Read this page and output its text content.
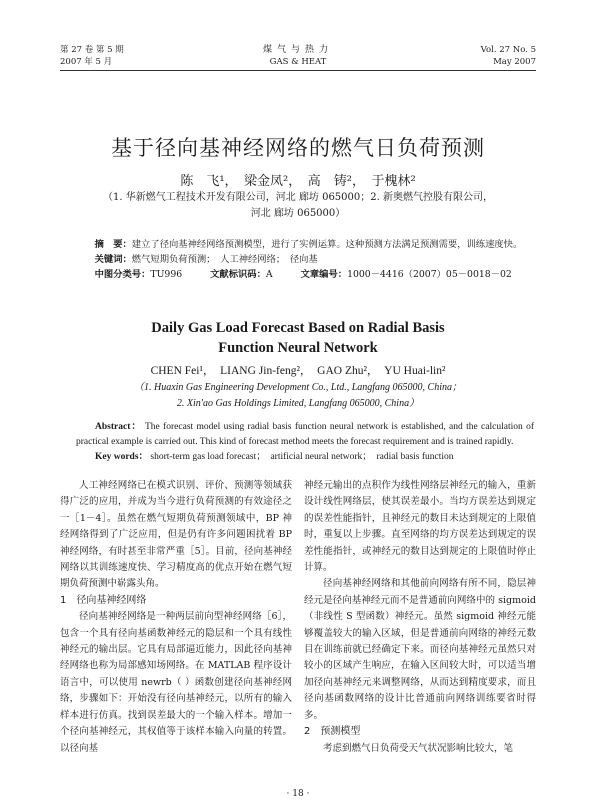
第 27 卷 第 5 期
2007 年 5 月
煤气与热力
GAS & HEAT
Vol. 27 No. 5
May 2007
基于径向基神经网络的燃气日负荷预测
陈　飞¹，　梁金凤²，　高　铸²，　于槐林²
（1. 华新燃气工程技术开发有限公司，河北 廊坊 065000；2. 新奥燃气控股有限公司，河北 廊坊 065000）
摘　要：建立了径向基神经网络预测模型，进行了实例运算。这种预测方法满足预测需要，训练速度快。
关键词：燃气短期负荷预测；　人工神经网络；　径向基
中图分类号：TU996	文献标识码：A	文章编号：1000－4416（2007）05－0018－02
Daily Gas Load Forecast Based on Radial Basis Function Neural Network
CHEN Fei¹，　LIANG Jin-feng²，　GAO Zhu²，　YU Huai-lin²
（1. Huaxin Gas Engineering Development Co., Ltd., Langfang 065000, China；
2. Xin'ao Gas Holdings Limited, Langfang 065000, China）
Abstract： The forecast model using radial basis function neural network is established, and the calculation of practical example is carried out. This kind of forecast method meets the forecast requirement and is trained rapidly.
Key words： short-term gas load forecast；　artificial neural network；　radial basis function

人工神经网络已在模式识别、评价、预测等领域获得广泛的应用，并成为当今进行负荷预测的有效途径之一［1－4］。虽然在燃气短期负荷预测领域中，BP 神经网络得到了广泛应用，但是仍有许多问题困扰着 BP 神经网络，有时甚至非常严重［5］。目前，径向基神经网络以其训练速度快、学习精度高的优点开始在燃气短期负荷预测中崭露头角。

1　径向基神经网络

径向基神经网络是一种两层前向型神经网络［6］，包含一个具有径向基函数神经元的隐层和一个具有线性神经元的输出层。它具有局部逼近能力，因此径向基神经网络也称为局部感知场网络。在 MATLAB 程序设计语言中，可以使用 newrb（ ）函数创建径向基神经网络，步骤如下：开始没有径向基神经元，以所有的输入样本进行仿真。找到误差最大的一个输入样本。增加一个径向基神经元，其权值等于该样本输入向量的转置。以径向基

神经元输出的点积作为线性网络层神经元的输入，重新设计线性网络层，使其误差最小。当均方误差达到规定的误差性能指针，且神经元的数目未达到规定的上限值时，重复以上步骤。直至网络的均方误差达到规定的误差性能指针，或神经元的数目达到规定的上限值时停止计算。

径向基神经网络和其他前向网络有所不同，隐层神经元是径向基神经元而不是普通前向网络中的 sigmoid（非线性 S 型函数）神经元。虽然 sigmoid 神经元能够覆盖较大的输入区域，但是普通前向网络的神经元数目在训练前就已经确定下来。而径向基神经元虽然只对较小的区域产生响应，在输入区间较大时，可以适当增加径向基神经元来调整网络，从而达到精度要求，而且径向基函数网络的设计比普通前向网络训练要省时得多。

2　预测模型

考虑到燃气日负荷受天气状况影响比较大，笔

· 18 ·
